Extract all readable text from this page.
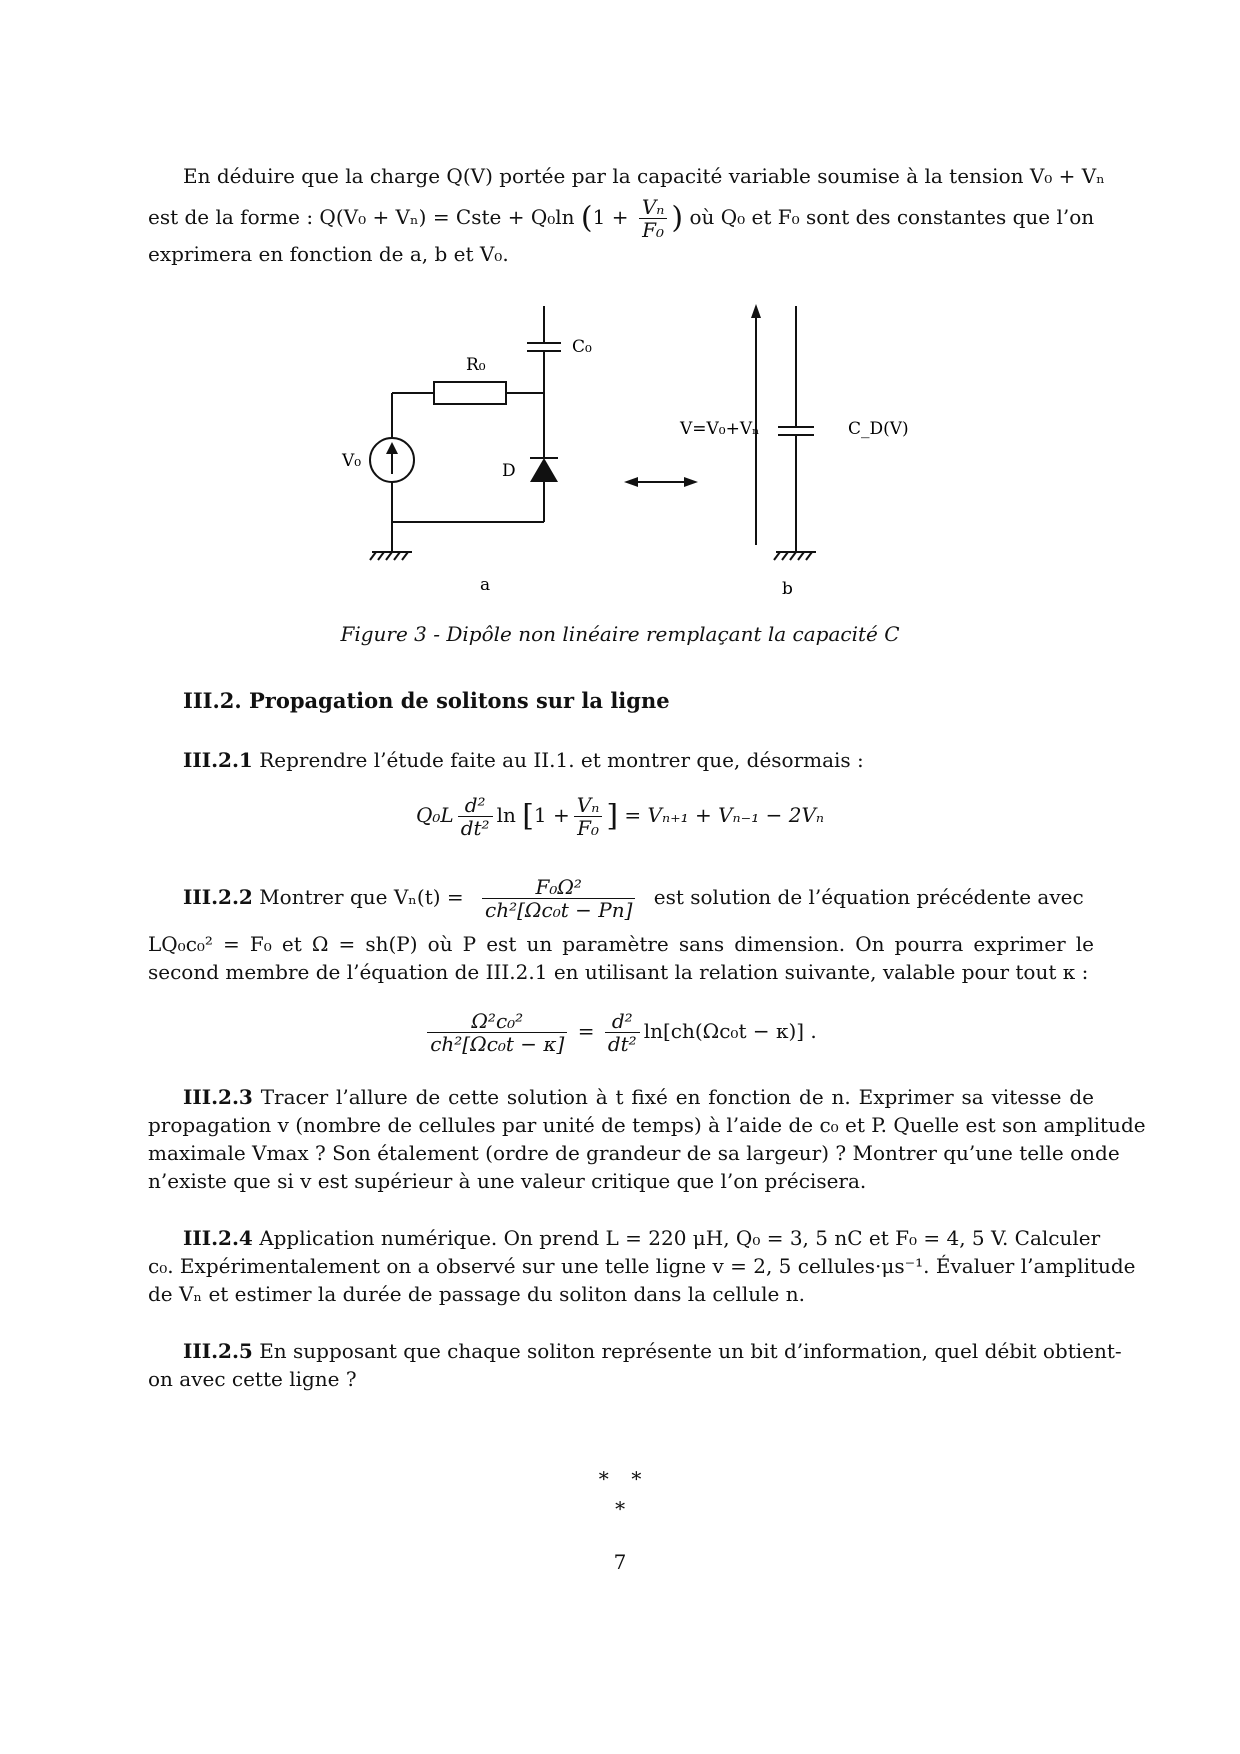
En déduire que la charge Q(V) portée par la capacité variable soumise à la tension V₀ + Vₙ
est de la forme : Q(V₀ + Vₙ) = Cste + Q₀ln ($1 + \frac{\text{Vₙ}}{\text{F₀}}$ ) où Q₀ et F₀ sont des constantes que l’on
exprimera en fonction de a, b et V₀.
C₀
R₀
V₀	D
V=V₀+Vₙ	C_D(V)
a	b
Figure 3 - Dipôle non linéaire remplaçant la capacité C
III.2. Propagation de solitons sur la ligne
III.2.1 Reprendre l’étude faite au II.1. et montrer que, désormais :
$Q_0L \frac{\text{d²}}{\text{dt²}}$ $\ln [1 + \frac{\text{Vₙ}}{\text{F₀}}$ ] = Vₙ₊₁ + Vₙ₋₁ − 2Vₙ
III.2.2 Montrer que $V_n(t) = \frac{\text{F₀Ω²}}{\text{ch²[Ωc₀t − Pn]}}$ est solution de l’équation précédente avec
LQ₀c₀² = F₀ et Ω = sh(P) où P est un paramètre sans dimension. On pourra exprimer le
second membre de l’équation de III.2.1 en utilisant la relation suivante, valable pour tout κ :
$\frac{\text{Ω²c₀²}}{\text{ch²[Ωc₀t − κ]}} = \frac{\text{d²}}{\text{dt²}} \ln[ch(\Omega c_0t - \kappa)]$ .
III.2.3 Tracer l’allure de cette solution à t fixé en fonction de n. Exprimer sa vitesse de
propagation v (nombre de cellules par unité de temps) à l’aide de c₀ et P. Quelle est son amplitude
maximale Vmax ? Son étalement (ordre de grandeur de sa largeur) ? Montrer qu’une telle onde
n’existe que si v est supérieur à une valeur critique que l’on précisera.
III.2.4 Application numérique. On prend L = 220 μH, Q₀ = 3, 5 nC et F₀ = 4, 5 V. Calculer
c₀. Expérimentalement on a observé sur une telle ligne v = 2, 5 cellules·μs⁻¹. Évaluer l’amplitude
de Vₙ et estimer la durée de passage du soliton dans la cellule n.
III.2.5 En supposant que chaque soliton représente un bit d’information, quel débit obtient-
on avec cette ligne ?
∗   ∗
∗
7
